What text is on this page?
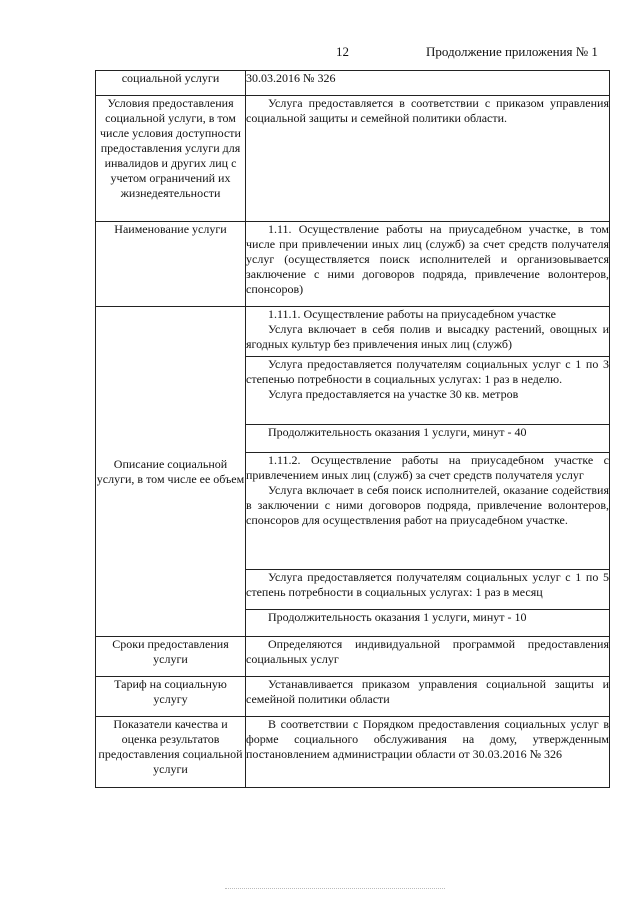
12	Продолжение приложения № 1
социальной услуги	30.03.2016 № 326
Условия предоставления социальной услуги, в том числе условия доступности предоставления услуги для инвалидов и других лиц с учетом ограничений их жизнедеятельности	Услуга предоставляется в соответствии с приказом управления социальной защиты и семейной политики области.

Наименование услуги	1.11. Осуществление работы на приусадебном участке, в том числе при привлечении иных лиц (служб) за счет средств получателя услуг (осуществляется поиск исполнителей и организовывается заключение с ними договоров подряда, привлечение волонтеров, спонсоров)

Описание социальной услуги, в том числе ее объем	1.11.1. Осуществление работы на приусадебном участке
Услуга включает в себя полив и высадку растений, овощных и ягодных культур без привлечения иных лиц (служб)

	Услуга предоставляется получателям социальных услуг с 1 по 3 степенью потребности в социальных услугах: 1 раз в неделю.
Услуга предоставляется на участке 30 кв. метров

	Продолжительность оказания 1 услуги, минут - 40

	1.11.2. Осуществление работы на приусадебном участке с привлечением иных лиц (служб) за счет средств получателя услуг
Услуга включает в себя поиск исполнителей, оказание содействия в заключении с ними договоров подряда, привлечение волонтеров, спонсоров для осуществления работ на приусадебном участке.

	Услуга предоставляется получателям социальных услуг с 1 по 5 степень потребности в социальных услугах: 1 раз в месяц

	Продолжительность оказания 1 услуги, минут - 10

Сроки предоставления услуги	Определяются индивидуальной программой предоставления социальных услуг

Тариф на социальную услугу	Устанавливается приказом управления социальной защиты и семейной политики области

Показатели качества и оценка результатов предоставления социальной услуги	В соответствии с Порядком предоставления социальных услуг в форме социального обслуживания на дому, утвержденным постановлением администрации области от 30.03.2016 № 326
